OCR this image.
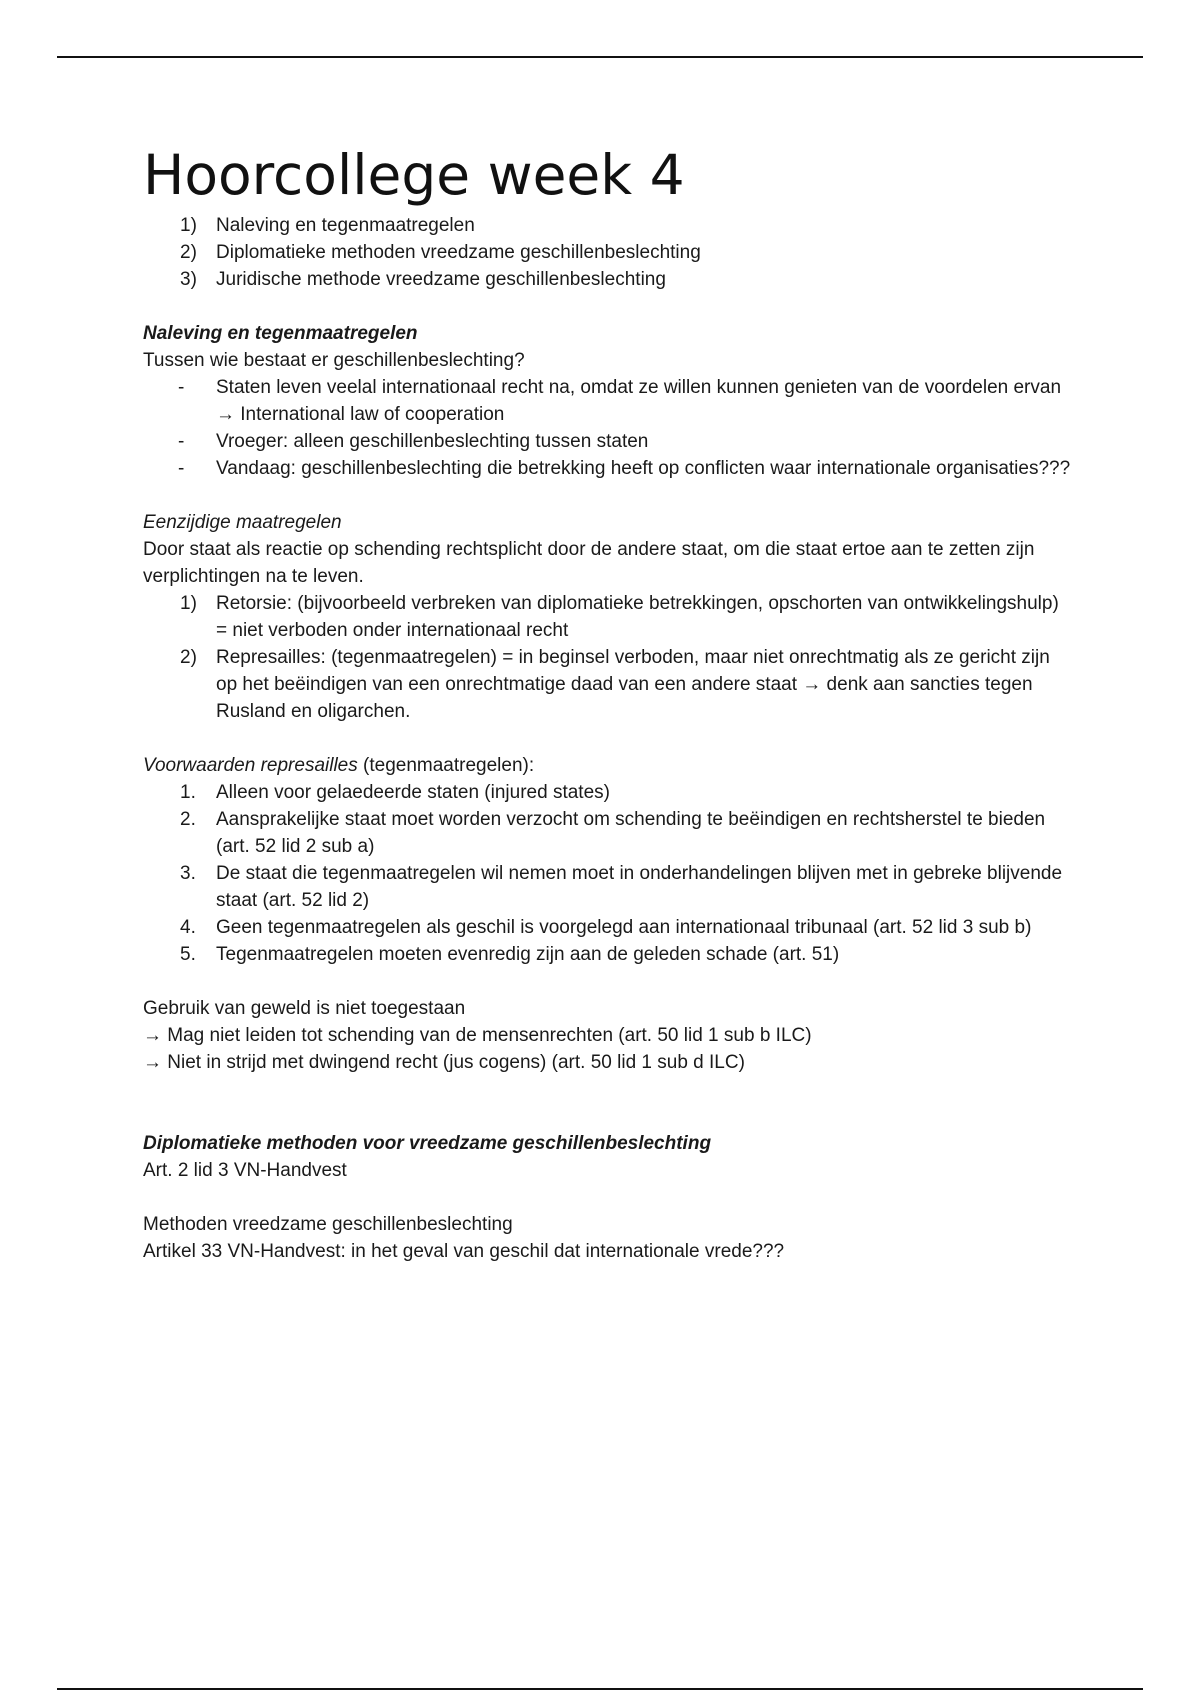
Hoorcollege week 4
1)	Naleving en tegenmaatregelen
2)	Diplomatieke methoden vreedzame geschillenbeslechting
3)	Juridische methode vreedzame geschillenbeslechting

Naleving en tegenmaatregelen

Tussen wie bestaat er geschillenbeslechting?

-	Staten leven veelal internationaal recht na, omdat ze willen kunnen genieten van de voordelen ervan → International law of cooperation
-	Vroeger: alleen geschillenbeslechting tussen staten
-	Vandaag: geschillenbeslechting die betrekking heeft op conflicten waar internationale organisaties???

Eenzijdige maatregelen

Door staat als reactie op schending rechtsplicht door de andere staat, om die staat ertoe aan te zetten zijn verplichtingen na te leven.

1)	Retorsie: (bijvoorbeeld verbreken van diplomatieke betrekkingen, opschorten van ontwikkelingshulp) = niet verboden onder internationaal recht
2)	Represailles: (tegenmaatregelen) = in beginsel verboden, maar niet onrechtmatig als ze gericht zijn op het beëindigen van een onrechtmatige daad van een andere staat → denk aan sancties tegen Rusland en oligarchen.

Voorwaarden represailles (tegenmaatregelen):

1.	Alleen voor gelaedeerde staten (injured states)
2.	Aansprakelijke staat moet worden verzocht om schending te beëindigen en rechtsherstel te bieden (art. 52 lid 2 sub a)
3.	De staat die tegenmaatregelen wil nemen moet in onderhandelingen blijven met in gebreke blijvende staat (art. 52 lid 2)
4.	Geen tegenmaatregelen als geschil is voorgelegd aan internationaal tribunaal (art. 52 lid 3 sub b)
5.	Tegenmaatregelen moeten evenredig zijn aan de geleden schade (art. 51)

Gebruik van geweld is niet toegestaan

→ Mag niet leiden tot schending van de mensenrechten (art. 50 lid 1 sub b ILC)

→ Niet in strijd met dwingend recht (jus cogens) (art. 50 lid 1 sub d ILC)

Diplomatieke methoden voor vreedzame geschillenbeslechting

Art. 2 lid 3 VN-Handvest

Methoden vreedzame geschillenbeslechting

Artikel 33 VN-Handvest: in het geval van geschil dat internationale vrede???
